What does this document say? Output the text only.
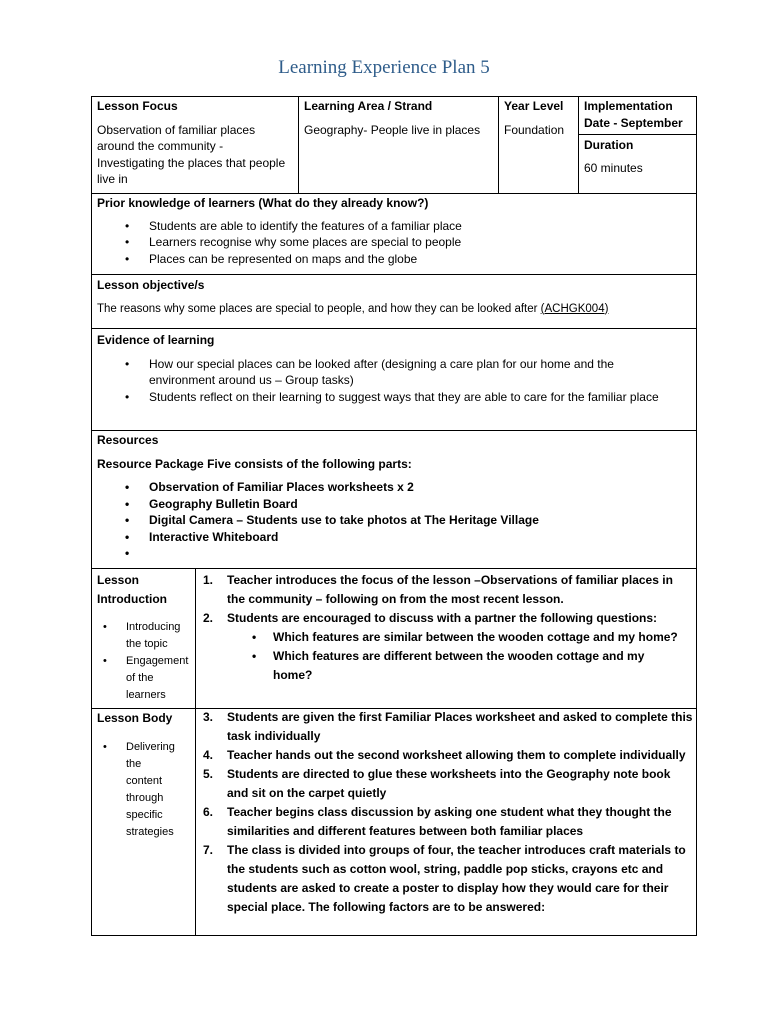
Learning Experience Plan 5
Lesson Focus
Observation of familiar places around the community - Investigating the places that people live in
Learning Area / Strand
Geography- People live in places
Year Level
Foundation
Implementation Date - September
Duration
60 minutes
Prior knowledge of learners (What do they already know?)
• Students are able to identify the features of a familiar place
• Learners recognise why some places are special to people
• Places can be represented on maps and the globe
Lesson objective/s
The reasons why some places are special to people, and how they can be looked after (ACHGK004)
Evidence of learning
• How our special places can be looked after (designing a care plan for our home and the environment around us – Group tasks)
• Students reflect on their learning to suggest ways that they are able to care for the familiar place
Resources
Resource Package Five consists of the following parts:
• Observation of Familiar Places worksheets x 2
• Geography Bulletin Board
• Digital Camera – Students use to take photos at The Heritage Village
• Interactive Whiteboard
•
Lesson
Introduction
• Introducing the topic
• Engagement of the learners
1. Teacher introduces the focus of the lesson –Observations of familiar places in the community – following on from the most recent lesson.
2. Students are encouraged to discuss with a partner the following questions:
• Which features are similar between the wooden cottage and my home?
• Which features are different between the wooden cottage and my home?
Lesson Body
• Delivering the content through specific strategies
3. Students are given the first Familiar Places worksheet and asked to complete this task individually
4. Teacher hands out the second worksheet allowing them to complete individually
5. Students are directed to glue these worksheets into the Geography note book and sit on the carpet quietly
6. Teacher begins class discussion by asking one student what they thought the similarities and different features between both familiar places
7. The class is divided into groups of four, the teacher introduces craft materials to the students such as cotton wool, string, paddle pop sticks, crayons etc and students are asked to create a poster to display how they would care for their special place. The following factors are to be answered:
